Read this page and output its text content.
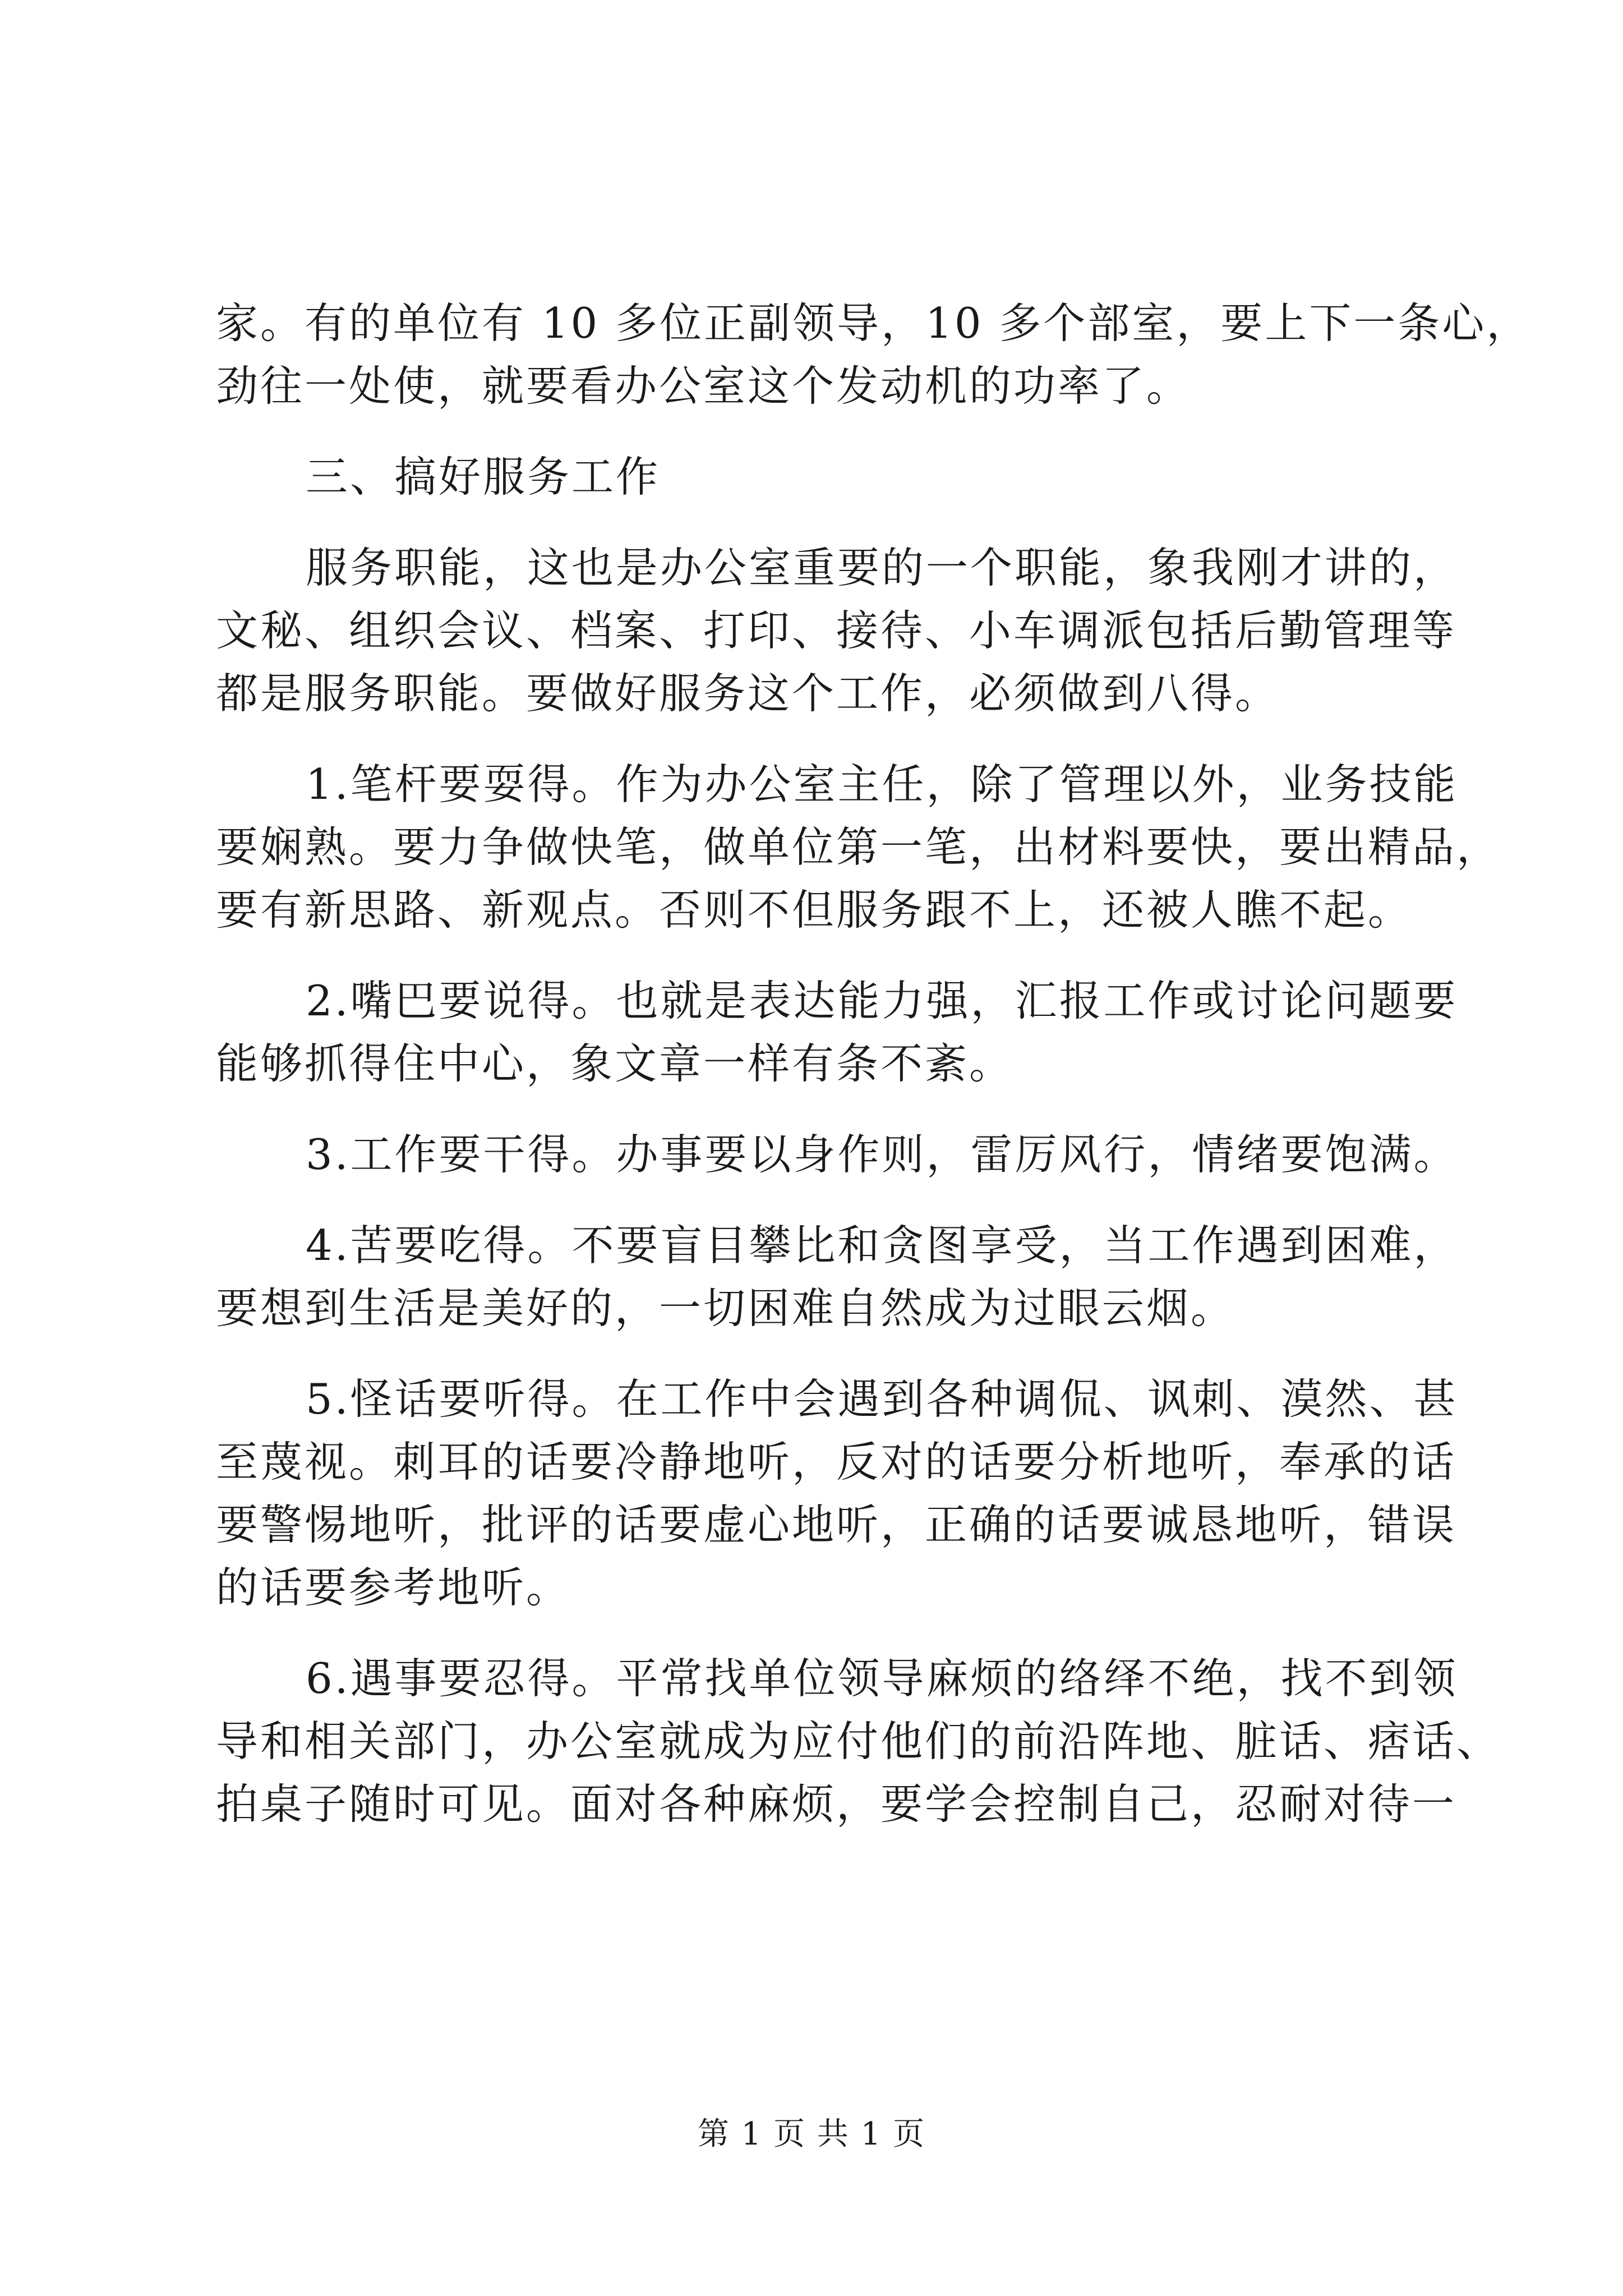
家。有的单位有 10 多位正副领导，10 多个部室，要上下一条心，
劲往一处使，就要看办公室这个发动机的功率了。
三、搞好服务工作
服务职能，这也是办公室重要的一个职能，象我刚才讲的，
文秘、组织会议、档案、打印、接待、小车调派包括后勤管理等
都是服务职能。要做好服务这个工作，必须做到八得。
1.笔杆要耍得。作为办公室主任，除了管理以外，业务技能
要娴熟。要力争做快笔，做单位第一笔，出材料要快，要出精品，
要有新思路、新观点。否则不但服务跟不上，还被人瞧不起。
2.嘴巴要说得。也就是表达能力强，汇报工作或讨论问题要
能够抓得住中心，象文章一样有条不紊。
3.工作要干得。办事要以身作则，雷厉风行，情绪要饱满。
4.苦要吃得。不要盲目攀比和贪图享受，当工作遇到困难，
要想到生活是美好的，一切困难自然成为过眼云烟。
5.怪话要听得。在工作中会遇到各种调侃、讽刺、漠然、甚
至蔑视。刺耳的话要冷静地听，反对的话要分析地听，奉承的话
要警惕地听，批评的话要虚心地听，正确的话要诚恳地听，错误
的话要参考地听。
6.遇事要忍得。平常找单位领导麻烦的络绎不绝，找不到领
导和相关部门，办公室就成为应付他们的前沿阵地、脏话、痞话、
拍桌子随时可见。面对各种麻烦，要学会控制自己，忍耐对待一
第 1 页 共 1 页
